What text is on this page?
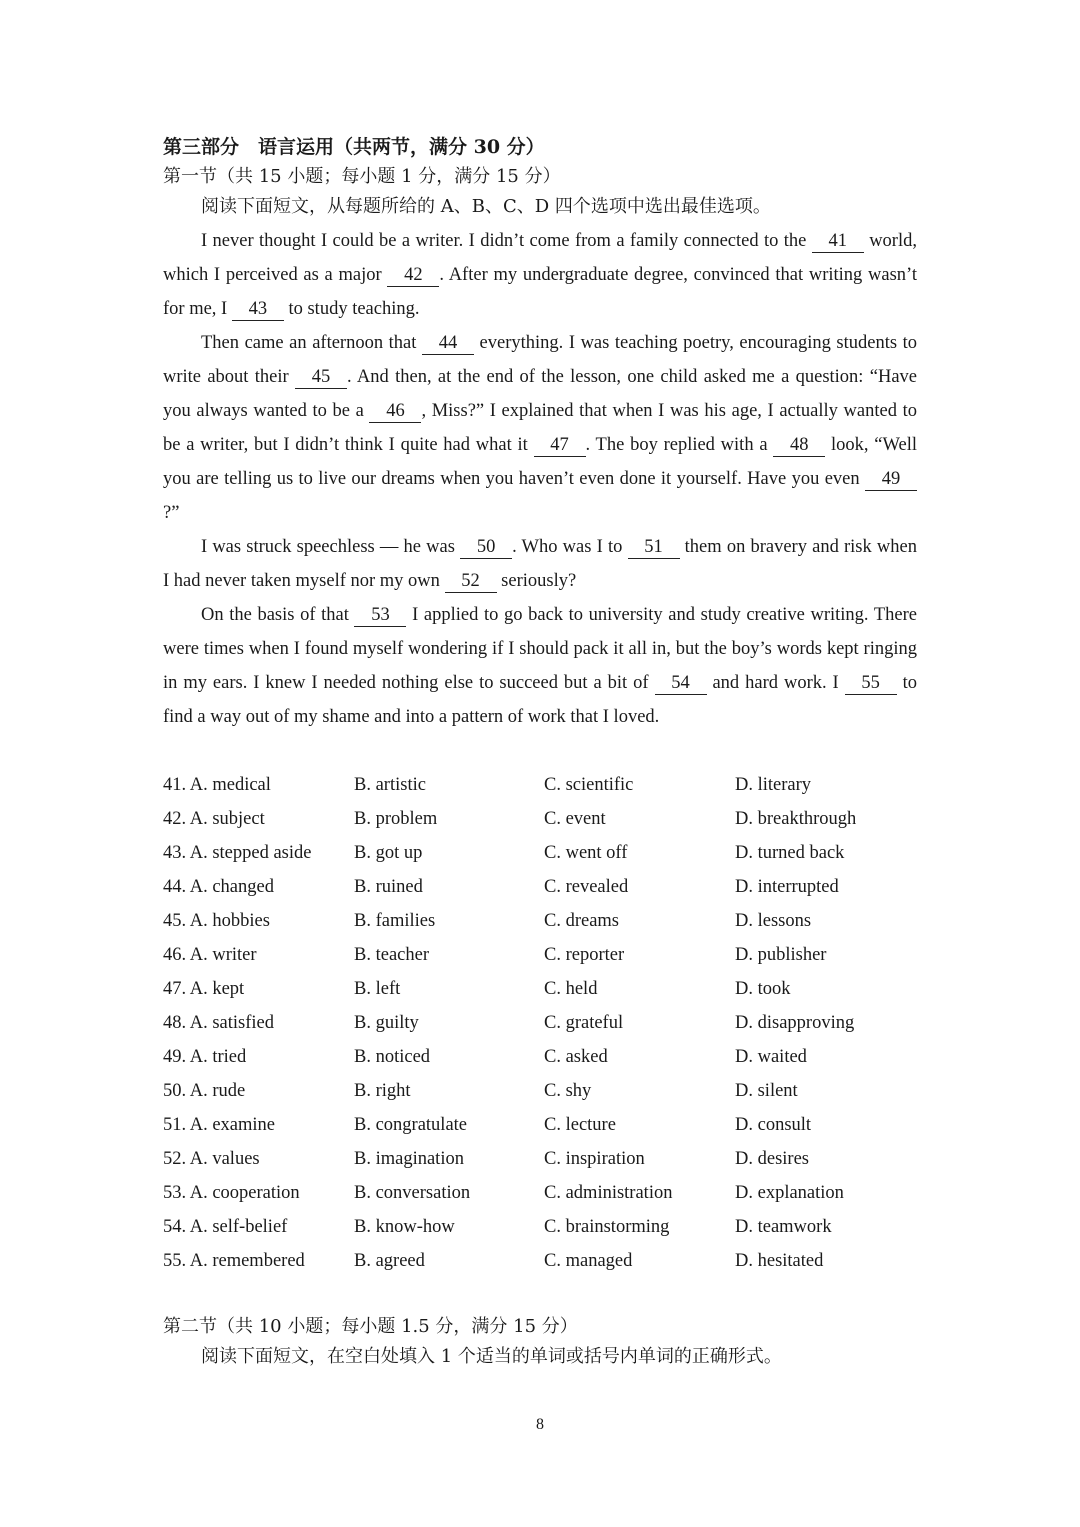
第三部分　语言运用（共两节，满分 30 分）
第一节（共 15 小题；每小题 1 分，满分 15 分）
阅读下面短文，从每题所给的 A、B、C、D 四个选项中选出最佳选项。

I never thought I could be a writer. I didn’t come from a family connected to the 41 world, which I perceived as a major 42 . After my undergraduate degree, convinced that writing wasn’t for me, I 43 to study teaching.

Then came an afternoon that 44 everything. I was teaching poetry, encouraging students to write about their 45 . And then, at the end of the lesson, one child asked me a question: “Have you always wanted to be a 46 , Miss?” I explained that when I was his age, I actually wanted to be a writer, but I didn’t think I quite had what it 47 . The boy replied with a 48 look, “Well you are telling us to live our dreams when you haven’t even done it yourself. Have you even 49?”

I was struck speechless — he was 50 . Who was I to 51 them on bravery and risk when I had never taken myself nor my own 52 seriously?

On the basis of that 53 I applied to go back to university and study creative writing. There were times when I found myself wondering if I should pack it all in, but the boy’s words kept ringing in my ears. I knew I needed nothing else to succeed but a bit of 54 and hard work. I 55 to find a way out of my shame and into a pattern of work that I loved.

41. A. medical	B. artistic	C. scientific	D. literary
42. A. subject	B. problem	C. event	D. breakthrough
43. A. stepped aside	B. got up	C. went off	D. turned back
44. A. changed	B. ruined	C. revealed	D. interrupted
45. A. hobbies	B. families	C. dreams	D. lessons
46. A. writer	B. teacher	C. reporter	D. publisher
47. A. kept	B. left	C. held	D. took
48. A. satisfied	B. guilty	C. grateful	D. disapproving
49. A. tried	B. noticed	C. asked	D. waited
50. A. rude	B. right	C. shy	D. silent
51. A. examine	B. congratulate	C. lecture	D. consult
52. A. values	B. imagination	C. inspiration	D. desires
53. A. cooperation	B. conversation	C. administration	D. explanation
54. A. self-belief	B. know-how	C. brainstorming	D. teamwork
55. A. remembered	B. agreed	C. managed	D. hesitated
第二节（共 10 小题；每小题 1.5 分，满分 15 分）
阅读下面短文，在空白处填入 1 个适当的单词或括号内单词的正确形式。
8
